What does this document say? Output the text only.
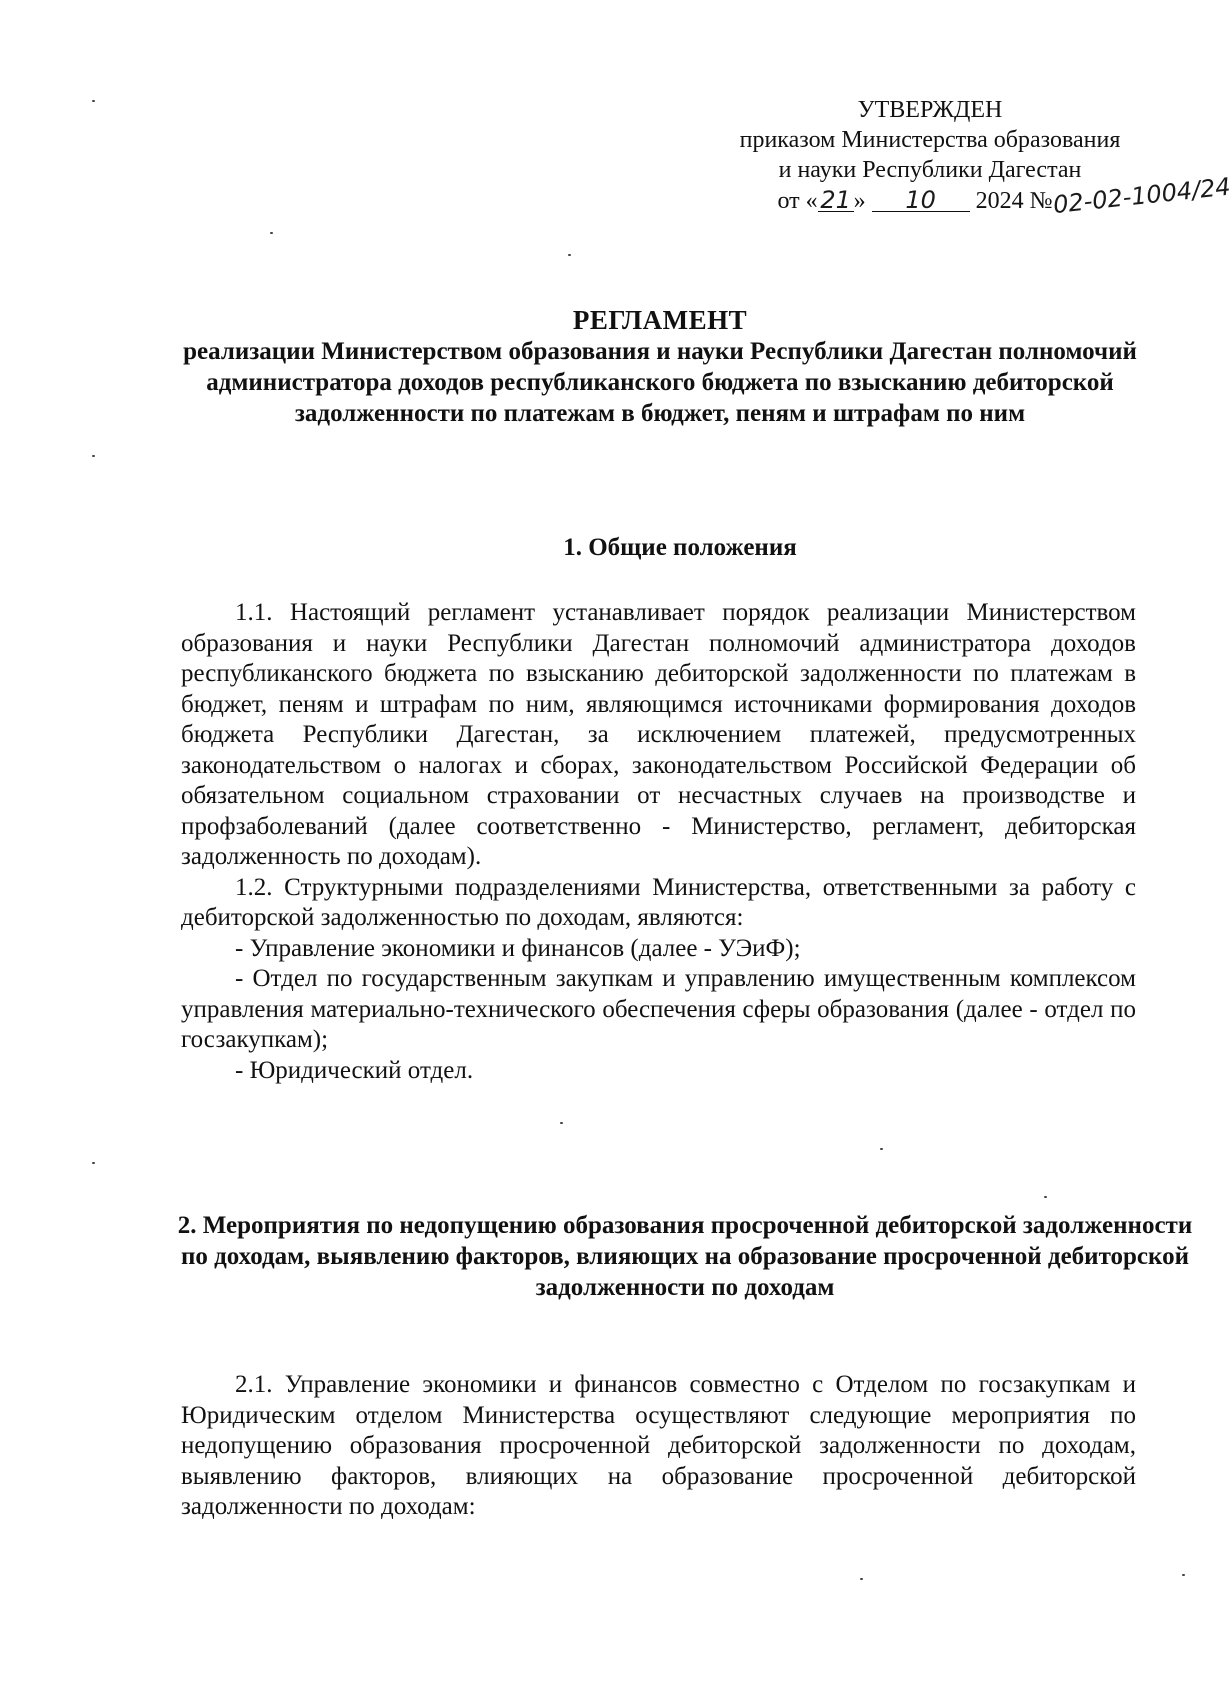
УТВЕРЖДЕН
приказом Министерства образования
и науки Республики Дагестан
от « 21 » 10 2024 №02-02-1004/24
РЕГЛАМЕНТ
реализации Министерством образования и науки Республики Дагестан полномочий администратора доходов республиканского бюджета по взысканию дебиторской задолженности по платежам в бюджет, пеням и штрафам по ним
1. Общие положения

1.1. Настоящий регламент устанавливает порядок реализации Министерством образования и науки Республики Дагестан полномочий администратора доходов республиканского бюджета по взысканию дебиторской задолженности по платежам в бюджет, пеням и штрафам по ним, являющимся источниками формирования доходов бюджета Республики Дагестан, за исключением платежей, предусмотренных законодательством о налогах и сборах, законодательством Российской Федерации об обязательном социальном страховании от несчастных случаев на производстве и профзаболеваний (далее соответственно - Министерство, регламент, дебиторская задолженность по доходам).

1.2. Структурными подразделениями Министерства, ответственными за работу с дебиторской задолженностью по доходам, являются:

- Управление экономики и финансов (далее - УЭиФ);

- Отдел по государственным закупкам и управлению имущественным комплексом управления материально-технического обеспечения сферы образования (далее - отдел по госзакупкам);

- Юридический отдел.

2. Мероприятия по недопущению образования просроченной дебиторской задолженности по доходам, выявлению факторов, влияющих на образование просроченной дебиторской задолженности по доходам

2.1. Управление экономики и финансов совместно с Отделом по госзакупкам и Юридическим отделом Министерства осуществляют следующие мероприятия по недопущению образования просроченной дебиторской задолженности по доходам, выявлению факторов, влияющих на образование просроченной дебиторской задолженности по доходам:
